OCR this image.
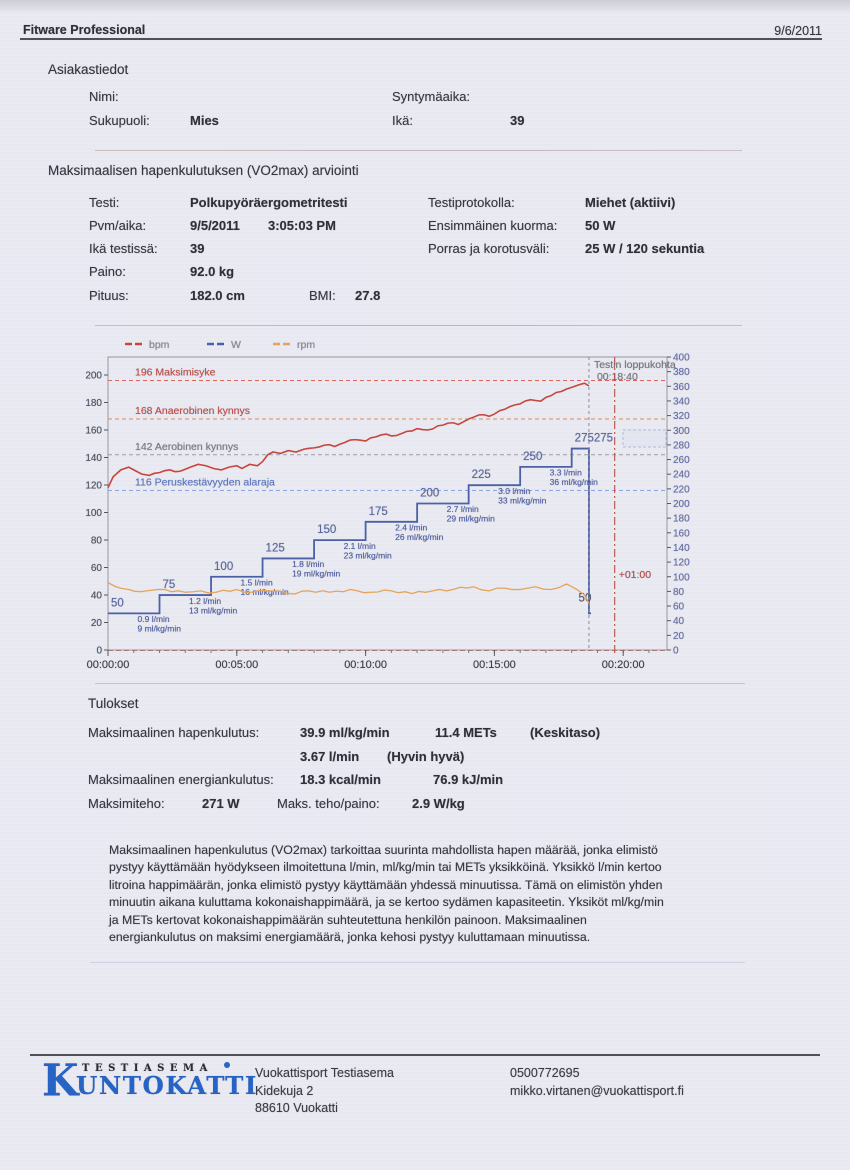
Fitware Professional	9/6/2011
Asiakastiedot
Nimi:	Syntymäaika:
Sukupuoli:	Mies	Ikä:	39
Maksimaalisen hapenkulutuksen (VO2max) arviointi
Testi:	Polkupyöräergometritesti	Testiprotokolla:	Miehet (aktiivi)
Pvm/aika:	9/5/2011 3:05:03 PM	Ensimmäinen kuorma: 50 W
Ikä testissä: 39	Porras ja korotusväli:	25 W / 120 sekuntia
Paino:	92.0 kg
Pituus:	182.0 cm	BMI: 27.8
bpm	W	rpm
196 Maksimisyke
168 Anaerobinen kynnys
142 Aerobinen kynnys
116 Peruskestävyyden alaraja
0
20
40
60
80
100
120
140
160
180
200
0
20
40
60
80
100
120
140
160
180
200
220
240
260
280
300
320
340
360
380
400
00:00:00	00:05:00	00:10:00	00:15:00	00:20:00
50
75
0.9 l/min 9 ml/kg/min
100
1.2 l/min 13 ml/kg/min
125
1.5 l/min 16 ml/kg/min
150
1.8 l/min 19 ml/kg/min
175
2.1 l/min 23 ml/kg/min
200
2.4 l/min 26 ml/kg/min
225
2.7 l/min 29 ml/kg/min
250
3.0 l/min 33 ml/kg/min
275275
3.3 l/min 36 ml/kg/min
50
Testin loppukohta
00:18:40
+01:00
Tulokset
Maksimaalinen hapenkulutus:	39.9 ml/kg/min	11.4 METs	(Keskitaso)
3.67 l/min (Hyvin hyvä)
Maksimaalinen energiankulutus: 18.3 kcal/min	76.9 kJ/min
Maksimiteho:	271 W	Maks. teho/paino: 2.9 W/kg
Maksimaalinen hapenkulutus (VO2max) tarkoittaa suurinta mahdollista hapen määrää, jonka elimistö pystyy käyttämään hyödykseen ilmoitettuna l/min, ml/kg/min tai METs yksikköinä. Yksikkö l/min kertoo litroina happimäärän, jonka elimistö pystyy käyttämään yhdessä minuutissa. Tämä on elimistön yhden minuutin aikana kuluttama kokonaishappimäärä, ja se kertoo sydämen kapasiteetin. Yksiköt ml/kg/min ja METs kertovat kokonaishappimäärän suhteutettuna henkilön painoon. Maksimaalinen energiankulutus on maksimi energiamäärä, jonka kehosi pystyy kuluttamaan minuutissa.
K TESTIASEMA
UNTOKATTI
Vuokattisport Testiasema
Kidekuja 2
88610 Vuokatti
0500772695
mikko.virtanen@vuokattisport.fi
